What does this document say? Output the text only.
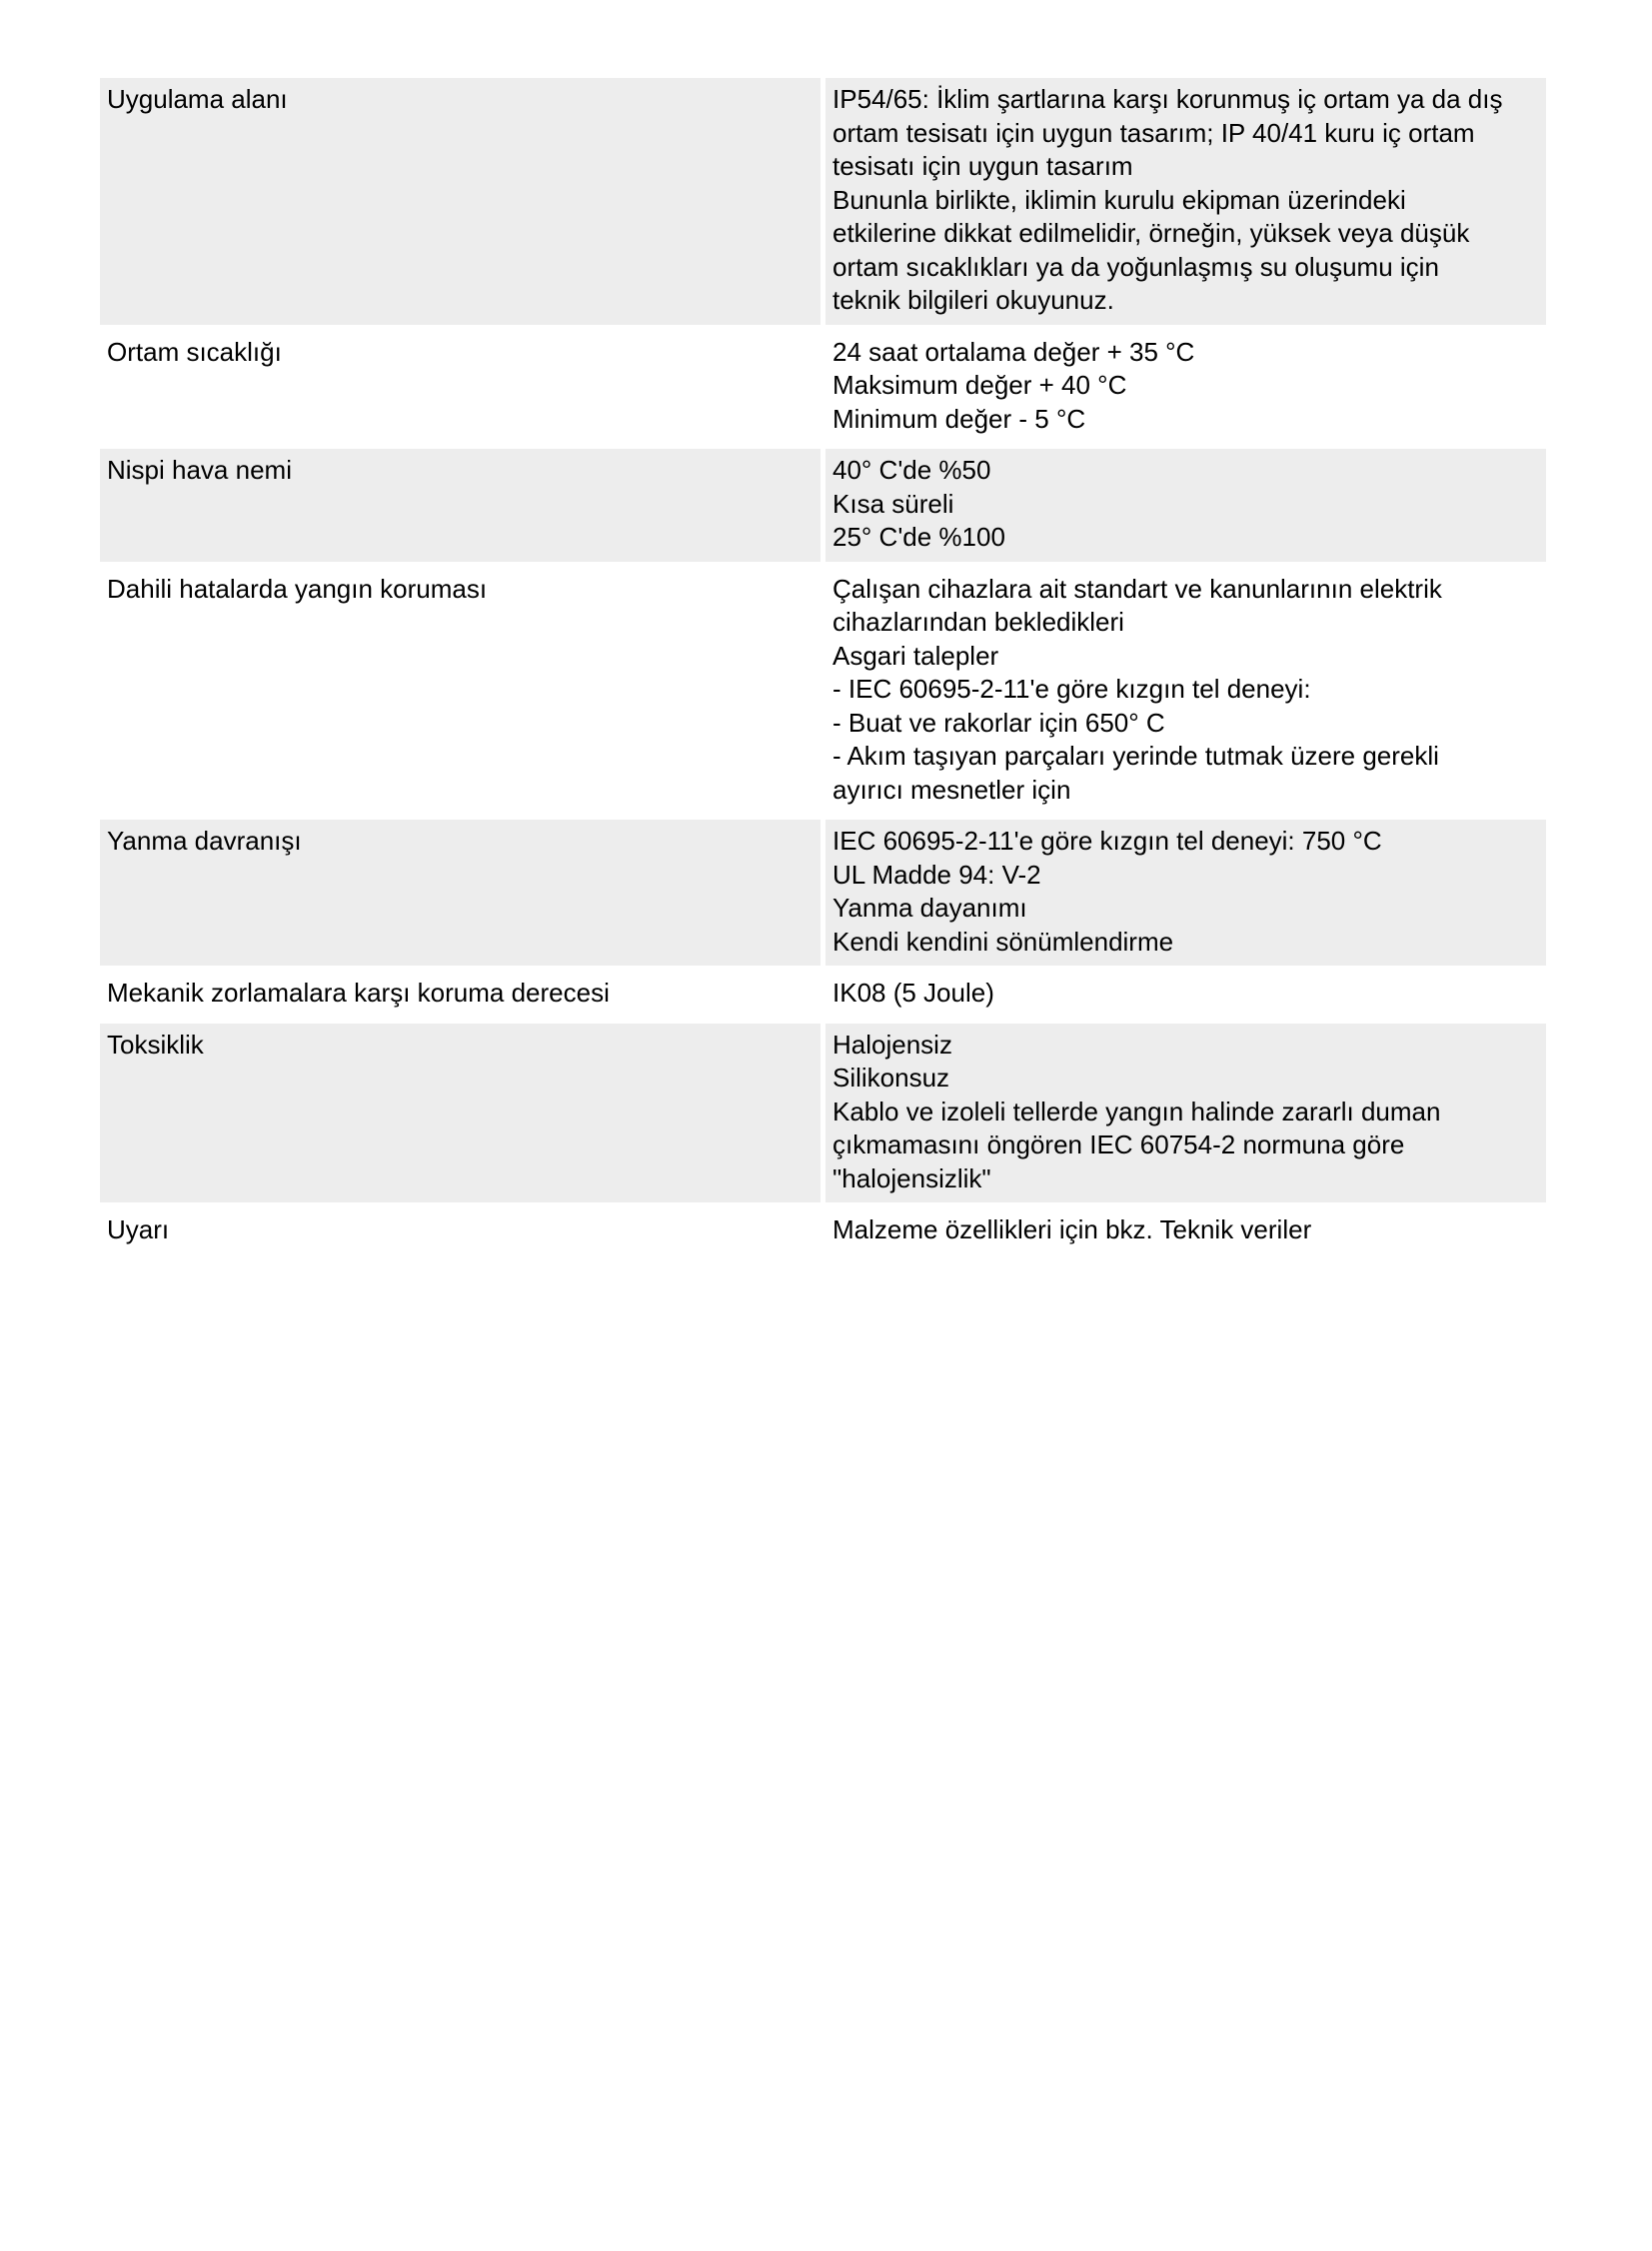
Uygulama alanı	IP54/65: İklim şartlarına karşı korunmuş iç ortam ya da dış
ortam tesisatı için uygun tasarım; IP 40/41 kuru iç ortam
tesisatı için uygun tasarım
Bununla birlikte, iklimin kurulu ekipman üzerindeki
etkilerine dikkat edilmelidir, örneğin, yüksek veya düşük
ortam sıcaklıkları ya da yoğunlaşmış su oluşumu için
teknik bilgileri okuyunuz.
Ortam sıcaklığı	24 saat ortalama değer + 35 °C
Maksimum değer + 40 °C
Minimum değer - 5 °C
Nispi hava nemi	40° C'de %50
Kısa süreli
25° C'de %100
Dahili hatalarda yangın koruması	Çalışan cihazlara ait standart ve kanunlarının elektrik
cihazlarından bekledikleri
Asgari talepler
- IEC 60695-2-11'e göre kızgın tel deneyi:
- Buat ve rakorlar için 650° C
- Akım taşıyan parçaları yerinde tutmak üzere gerekli
ayırıcı mesnetler için
Yanma davranışı	IEC 60695-2-11'e göre kızgın tel deneyi: 750 °C
UL Madde 94: V-2
Yanma dayanımı
Kendi kendini sönümlendirme
Mekanik zorlamalara karşı koruma derecesi	IK08 (5 Joule)
Toksiklik	Halojensiz
Silikonsuz
Kablo ve izoleli tellerde yangın halinde zararlı duman
çıkmamasını öngören IEC 60754-2 normuna göre
"halojensizlik"
Uyarı	Malzeme özellikleri için bkz. Teknik veriler
